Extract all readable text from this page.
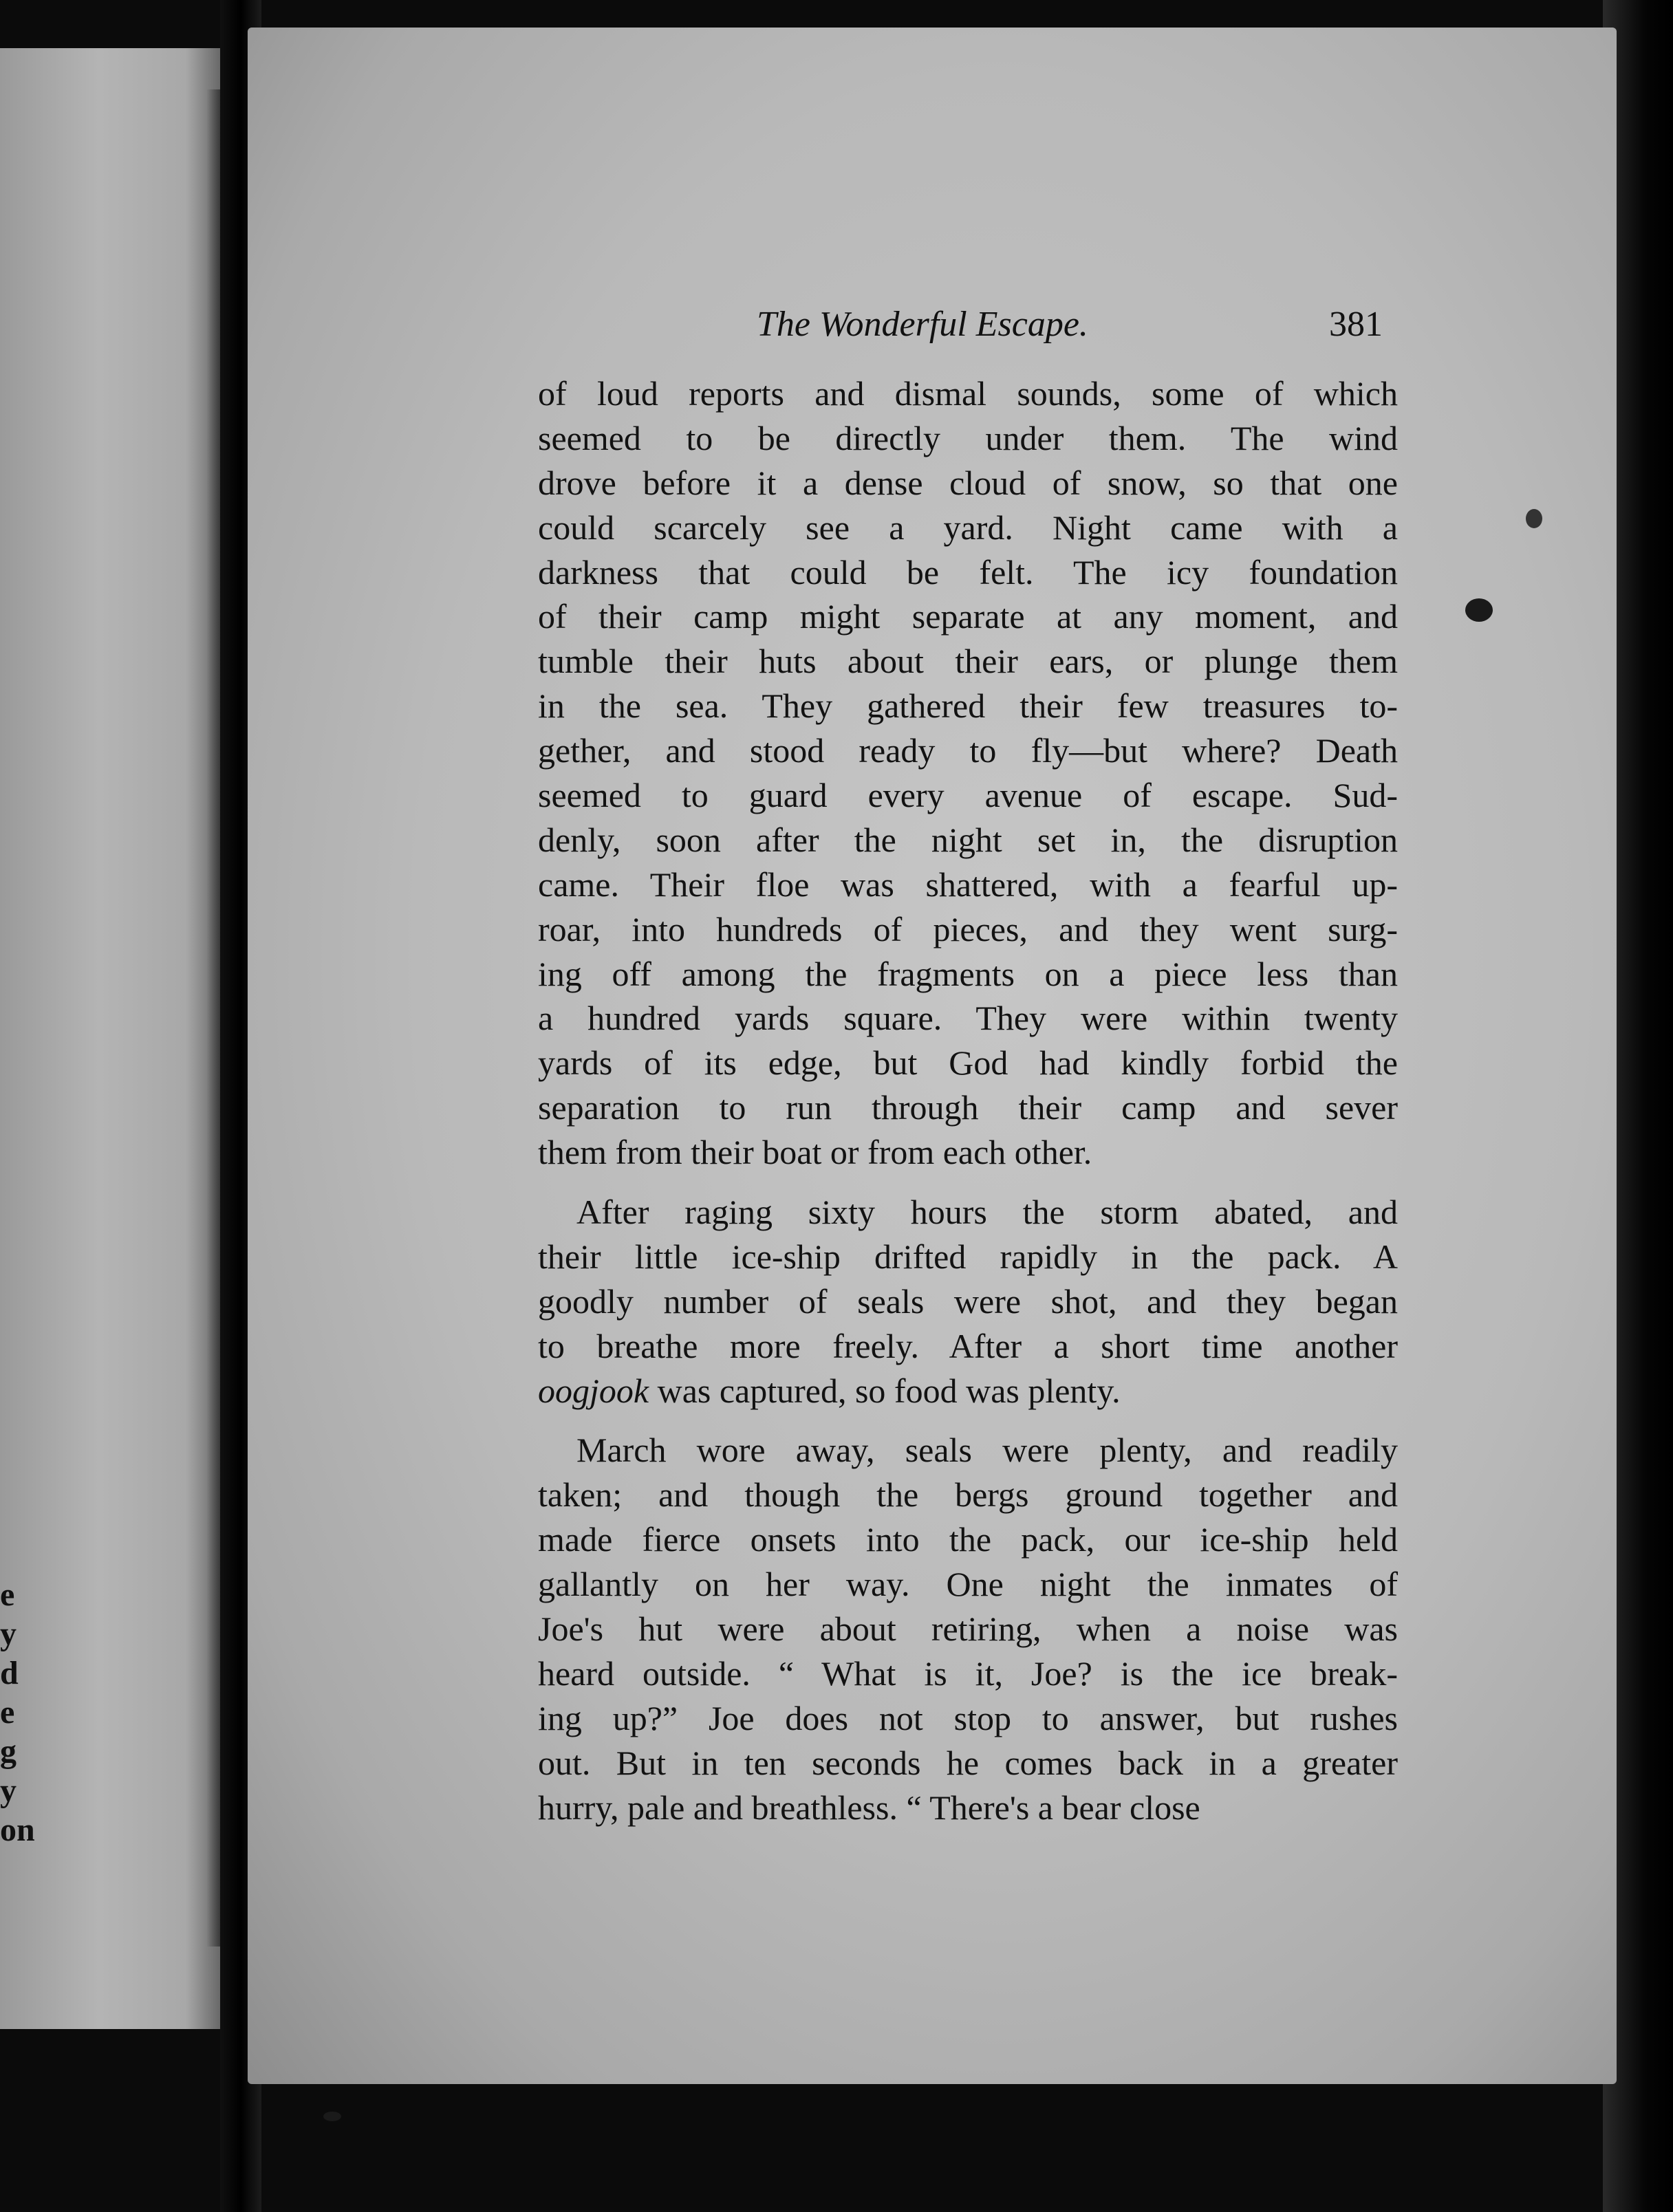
e
y
d
e
g
y
on
The Wonderful Escape.	381
of loud reports and dismal sounds, some of which
seemed to be directly under them. The wind
drove before it a dense cloud of snow, so that one
could scarcely see a yard. Night came with a
darkness that could be felt. The icy foundation
of their camp might separate at any moment, and
tumble their huts about their ears, or plunge them
in the sea. They gathered their few treasures to-
gether, and stood ready to fly—but where? Death
seemed to guard every avenue of escape. Sud-
denly, soon after the night set in, the disruption
came. Their floe was shattered, with a fearful up-
roar, into hundreds of pieces, and they went surg-
ing off among the fragments on a piece less than
a hundred yards square. They were within twenty
yards of its edge, but God had kindly forbid the
separation to run through their camp and sever
them from their boat or from each other.
After raging sixty hours the storm abated, and
their little ice-ship drifted rapidly in the pack. A
goodly number of seals were shot, and they began
to breathe more freely. After a short time another
oogjook was captured, so food was plenty.
March wore away, seals were plenty, and readily
taken; and though the bergs ground together and
made fierce onsets into the pack, our ice-ship held
gallantly on her way. One night the inmates of
Joe's hut were about retiring, when a noise was
heard outside. “ What is it, Joe? is the ice break-
ing up?” Joe does not stop to answer, but rushes
out. But in ten seconds he comes back in a greater
hurry, pale and breathless. “ There's a bear close
